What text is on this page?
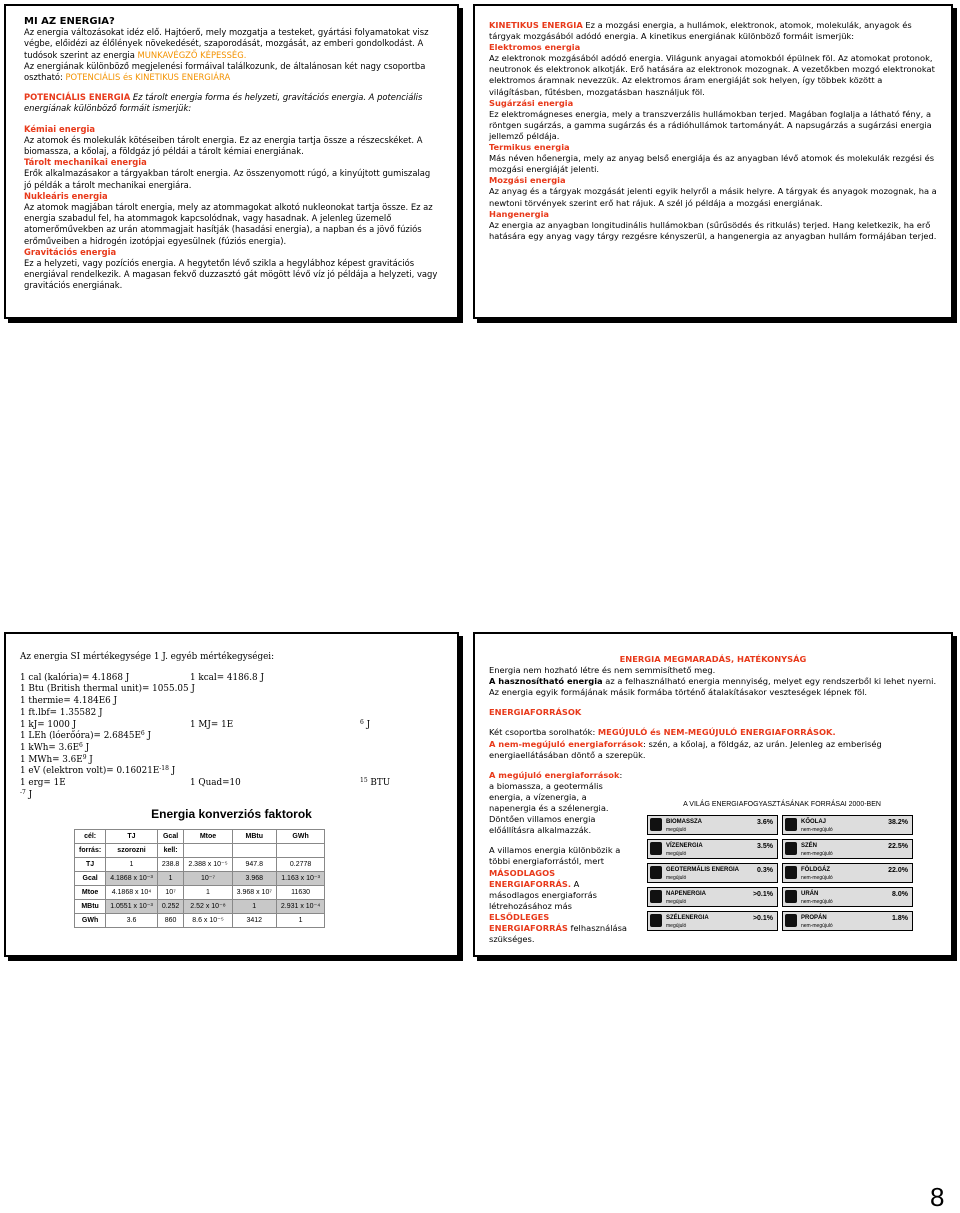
MI AZ ENERGIA?

Az energia változásokat idéz elő. Hajtóerő, mely mozgatja a testeket, gyártási folyamatokat visz végbe, előidézi az élőlények növekedését, szaporodását, mozgását, az emberi gondolkodást. A tudósok szerint az energia MUNKAVÉGZŐ KÉPESSÉG.

Az energiának különböző megjelenési formáival találkozunk, de általánosan két nagy csoportba osztható: POTENCIÁLIS és KINETIKUS ENERGIÁRA

POTENCIÁLIS ENERGIA Ez tárolt energia forma és helyzeti, gravitációs energia. A potenciális energiának különböző formáit ismerjük:

Kémiai energia

Az atomok és molekulák kötéseiben tárolt energia. Ez az energia tartja össze a részecskéket. A biomassza, a kőolaj, a földgáz jó példái a tárolt kémiai energiának.

Tárolt mechanikai energia

Erők alkalmazásakor a tárgyakban tárolt energia. Az összenyomott rúgó, a kinyújtott gumiszalag jó példák a tárolt mechanikai energiára.

Nukleáris energia

Az atomok magjában tárolt energia, mely az atommagokat alkotó nukleonokat tartja össze. Ez az energia szabadul fel, ha atommagok kapcsolódnak, vagy hasadnak. A jelenleg üzemelő atomerőművekben az urán atommagjait hasítják (hasadási energia), a napban és a jövő fúziós erőműveiben a hidrogén izotópjai egyesülnek (fúziós energia).

Gravitációs energia

Ez a helyzeti, vagy pozíciós energia. A hegytetőn lévő szikla a hegylábhoz képest gravitációs energiával rendelkezik. A magasan fekvő duzzasztó gát mögött lévő víz jó példája a helyzeti, vagy gravitációs energiának.

KINETIKUS ENERGIA Ez a mozgási energia, a hullámok, elektronok, atomok, molekulák, anyagok és tárgyak mozgásából adódó energia. A kinetikus energiának különböző formáit ismerjük:

Elektromos energia

Az elektronok mozgásából adódó energia. Világunk anyagai atomokból épülnek föl. Az atomokat protonok, neutronok és elektronok alkotják. Erő hatására az elektronok mozognak. A vezetőkben mozgó elektronokat elektromos áramnak nevezzük. Az elektromos áram energiáját sok helyen, így többek között a világításban, fűtésben, mozgatásban használjuk föl.

Sugárzási energia

Ez elektromágneses energia, mely a transzverzális hullámokban terjed. Magában foglalja a látható fény, a röntgen sugárzás, a gamma sugárzás és a rádióhullámok tartományát. A napsugárzás a sugárzási energia jellemző példája.

Termikus energia

Más néven hőenergia, mely az anyag belső energiája és az anyagban lévő atomok és molekulák rezgési és mozgási energiáját jelenti.

Mozgási energia

Az anyag és a tárgyak mozgását jelenti egyik helyről a másik helyre. A tárgyak és anyagok mozognak, ha a newtoni törvények szerint erő hat rájuk. A szél jó példája a mozgási energiának.

Hangenergia

Az energia az anyagban longitudinális hullámokban (sűrűsödés és ritkulás) terjed. Hang keletkezik, ha erő hatására egy anyag vagy tárgy rezgésre kényszerül, a hangenergia az anyagban hullám formájában terjed.

Az energia SI mértékegysége 1 J. egyéb mértékegységei:

1 cal (kalória)= 4.1868 J	1 kcal= 4186.8 J

1 Btu (British thermal unit)= 1055.05 J

1 thermie= 4.184E6 J

1 ft.lbf= 1.35582 J

1 kJ= 1000 J	1 MJ= 1E	$^6$ J

1 LEh (lóerőóra)= $2.6845E^6$ J

1 $kWh= 3.6E^6$ J

1 $MWh= 3.6E^9$ J

1 eV (elektron volt)= $0.16021E^{-18}$ J

1 $erg= 1E^{-7}$ J
1 Quad=10	$^{15}$ BTU

Energia konverziós faktorok
cél:	TJ	Gcal	Mtoe	MBtu	GWh
forrás:	szorozni	kell:			
TJ	1	238.8	2.388 x 10⁻⁵	947.8	0.2778
Gcal	4.1868 x 10⁻³	1	10⁻⁷	3.968	1.163 x 10⁻³
Mtoe	4.1868 x 10⁴	10⁷	1	3.968 x 10⁷	11630
MBtu	1.0551 x 10⁻³	0.252	2.52 x 10⁻⁸	1	2.931 x 10⁻⁴
GWh	3.6	860	8.6 x 10⁻⁵	3412	1

ENERGIA MEGMARADÁS, HATÉKONYSÁG

Energia nem hozható létre és nem semmisíthető meg.

A hasznosítható energia az a felhasználható energia mennyiség, melyet egy rendszerből ki lehet nyerni. Az energia egyik formájának másik formába történő átalakításakor veszteségek lépnek föl.

ENERGIAFORRÁSOK

Két csoportba sorolhatók: MEGÚJULÓ és NEM-MEGÚJULÓ ENERGIAFORRÁSOK.

A nem-megújuló energiaforrások: szén, a kőolaj, a földgáz, az urán. Jelenleg az emberiség energiaellátásában döntő a szerepük.

A megújuló energiaforrások: a biomassza, a geotermális energia, a vízenergia, a napenergia és a szélenergia. Döntően villamos energia előállításra alkalmazzák.

A villamos energia különbözik a többi energiaforrástól, mert MÁSODLAGOS ENERGIAFORRÁS. A másodlagos energiaforrás létrehozásához más ELSŐDLEGES ENERGIAFORRÁS felhasználása szükséges.

A VILÁG ENERGIAFOGYASZTÁSÁNAK FORRÁSAI 2000-BEN
BIOMASSZA	3.6%
megújuló
VÍZENERGIA	3.5%
megújuló
GEOTERMÁLIS ENERGIA	0.3%
megújuló
NAPENERGIA	>0.1%
megújuló
SZÉLENERGIA	>0.1%
megújuló
KŐOLAJ	38.2%
nem-megújuló
SZÉN	22.5%
nem-megújuló
FÖLDGÁZ	22.0%
nem-megújuló
URÁN	8.0%
nem-megújuló
PROPÁN	1.8%
nem-megújuló
8
